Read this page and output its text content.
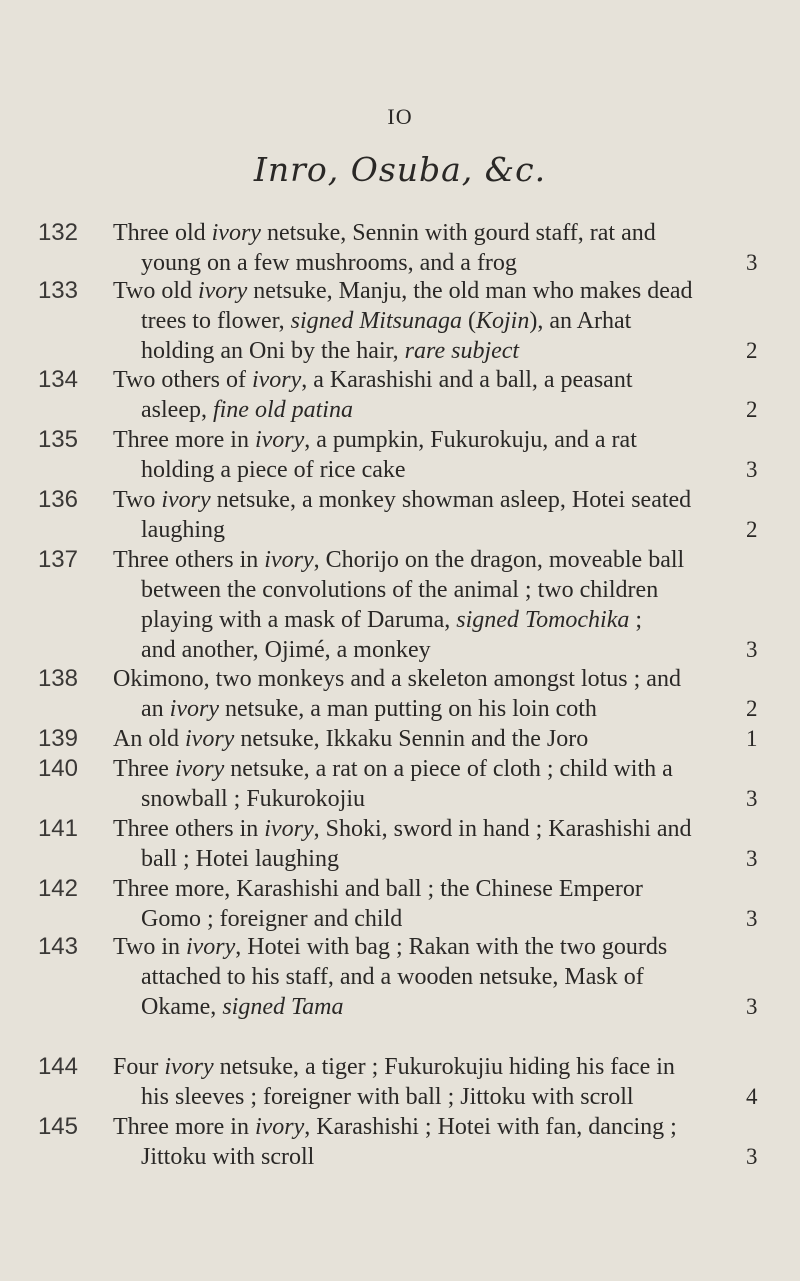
IO
Inro, Osuba, &c.
132 Three old ivory netsuke, Sennin with gourd staff, rat and
young on a few mushrooms, and a frog	3
133 Two old ivory netsuke, Manju, the old man who makes dead
trees to flower, signed Mitsunaga (Kojin), an Arhat
holding an Oni by the hair, rare subject	2
134 Two others of ivory, a Karashishi and a ball, a peasant
asleep, fine old patina	2
135 Three more in ivory, a pumpkin, Fukurokuju, and a rat
holding a piece of rice cake	3
136 Two ivory netsuke, a monkey showman asleep, Hotei seated
laughing	2
137 Three others in ivory, Chorijo on the dragon, moveable ball
between the convolutions of the animal ; two children
playing with a mask of Daruma, signed Tomochika ;
and another, Ojimé, a monkey	3
138 Okimono, two monkeys and a skeleton amongst lotus ; and
an ivory netsuke, a man putting on his loin coth	2
139 An old ivory netsuke, Ikkaku Sennin and the Joro	1
140 Three ivory netsuke, a rat on a piece of cloth ; child with a
snowball ; Fukurokojiu	3
141 Three others in ivory, Shoki, sword in hand ; Karashishi and
ball ; Hotei laughing	3
142 Three more, Karashishi and ball ; the Chinese Emperor
Gomo ; foreigner and child	3
143 Two in ivory, Hotei with bag ; Rakan with the two gourds
attached to his staff, and a wooden netsuke, Mask of
Okame, signed Tama	3
144 Four ivory netsuke, a tiger ; Fukurokujiu hiding his face in
his sleeves ; foreigner with ball ; Jittoku with scroll	4
145 Three more in ivory, Karashishi ; Hotei with fan, dancing ;
Jittoku with scroll	3
